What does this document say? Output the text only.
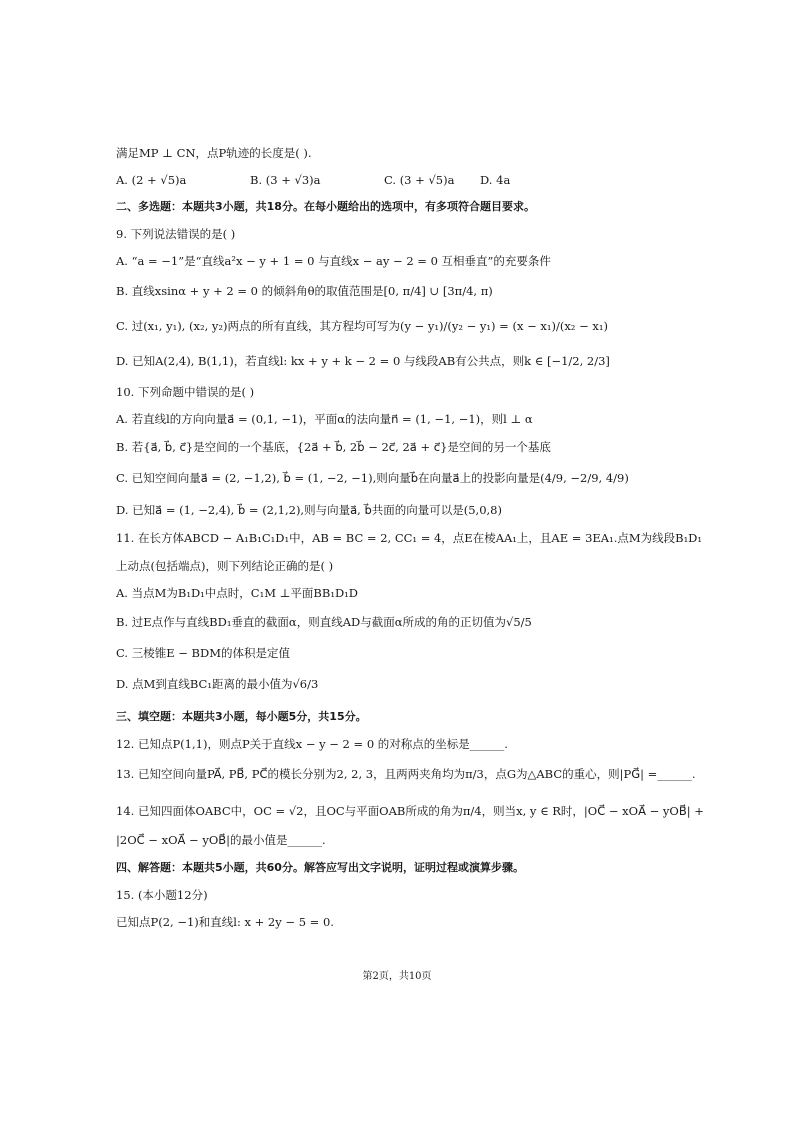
满足MP ⊥ CN，点P轨迹的长度是( ).
A. (2 + √5)a	B. (3 + √3)a	C. (3 + √5)a	D. 4a
二、多选题：本题共3小题，共18分。在每小题给出的选项中，有多项符合题目要求。
9. 下列说法错误的是( )
A. “a = −1”是“直线a²x − y + 1 = 0 与直线x − ay − 2 = 0 互相垂直”的充要条件
B. 直线xsinα + y + 2 = 0 的倾斜角θ的取值范围是[0, π/4] ∪ [3π/4, π)
C. 过(x₁, y₁), (x₂, y₂)两点的所有直线，其方程均可写为(y − y₁)/(y₂ − y₁) = (x − x₁)/(x₂ − x₁)
D. 已知A(2,4), B(1,1)，若直线l: kx + y + k − 2 = 0 与线段AB有公共点，则k ∈ [−1/2, 2/3]
10. 下列命题中错误的是( )
A. 若直线l的方向向量a⃗ = (0,1, −1)，平面α的法向量n⃗ = (1, −1, −1)，则l ⊥ α
B. 若{a⃗, b⃗, c⃗}是空间的一个基底，{2a⃗ + b⃗, 2b⃗ − 2c⃗, 2a⃗ + c⃗}是空间的另一个基底
C. 已知空间向量a⃗ = (2, −1,2), b⃗ = (1, −2, −1),则向量b⃗在向量a⃗上的投影向量是(4/9, −2/9, 4/9)
D. 已知a⃗ = (1, −2,4), b⃗ = (2,1,2),则与向量a⃗, b⃗共面的向量可以是(5,0,8)
11. 在长方体ABCD − A₁B₁C₁D₁中，AB = BC = 2, CC₁ = 4，点E在棱AA₁上，且AE = 3EA₁.点M为线段B₁D₁
上动点(包括端点)，则下列结论正确的是( )
A. 当点M为B₁D₁中点时，C₁M ⊥平面BB₁D₁D
B. 过E点作与直线BD₁垂直的截面α，则直线AD与截面α所成的角的正切值为√5/5
C. 三棱锥E − BDM的体积是定值
D. 点M到直线BC₁距离的最小值为√6/3
三、填空题：本题共3小题，每小题5分，共15分。
12. 已知点P(1,1)，则点P关于直线x − y − 2 = 0 的对称点的坐标是______.
13. 已知空间向量PA⃗, PB⃗, PC⃗的模长分别为2, 2, 3，且两两夹角均为π/3，点G为△ABC的重心，则|PG⃗| =______.
14. 已知四面体OABC中，OC = √2，且OC与平面OAB所成的角为π/4，则当x, y ∈ R时，|OC⃗ − xOA⃗ − yOB⃗| +
|2OC⃗ − xOA⃗ − yOB⃗|的最小值是______.
四、解答题：本题共5小题，共60分。解答应写出文字说明，证明过程或演算步骤。
15. (本小题12分)
已知点P(2, −1)和直线l: x + 2y − 5 = 0.
第2页，共10页
